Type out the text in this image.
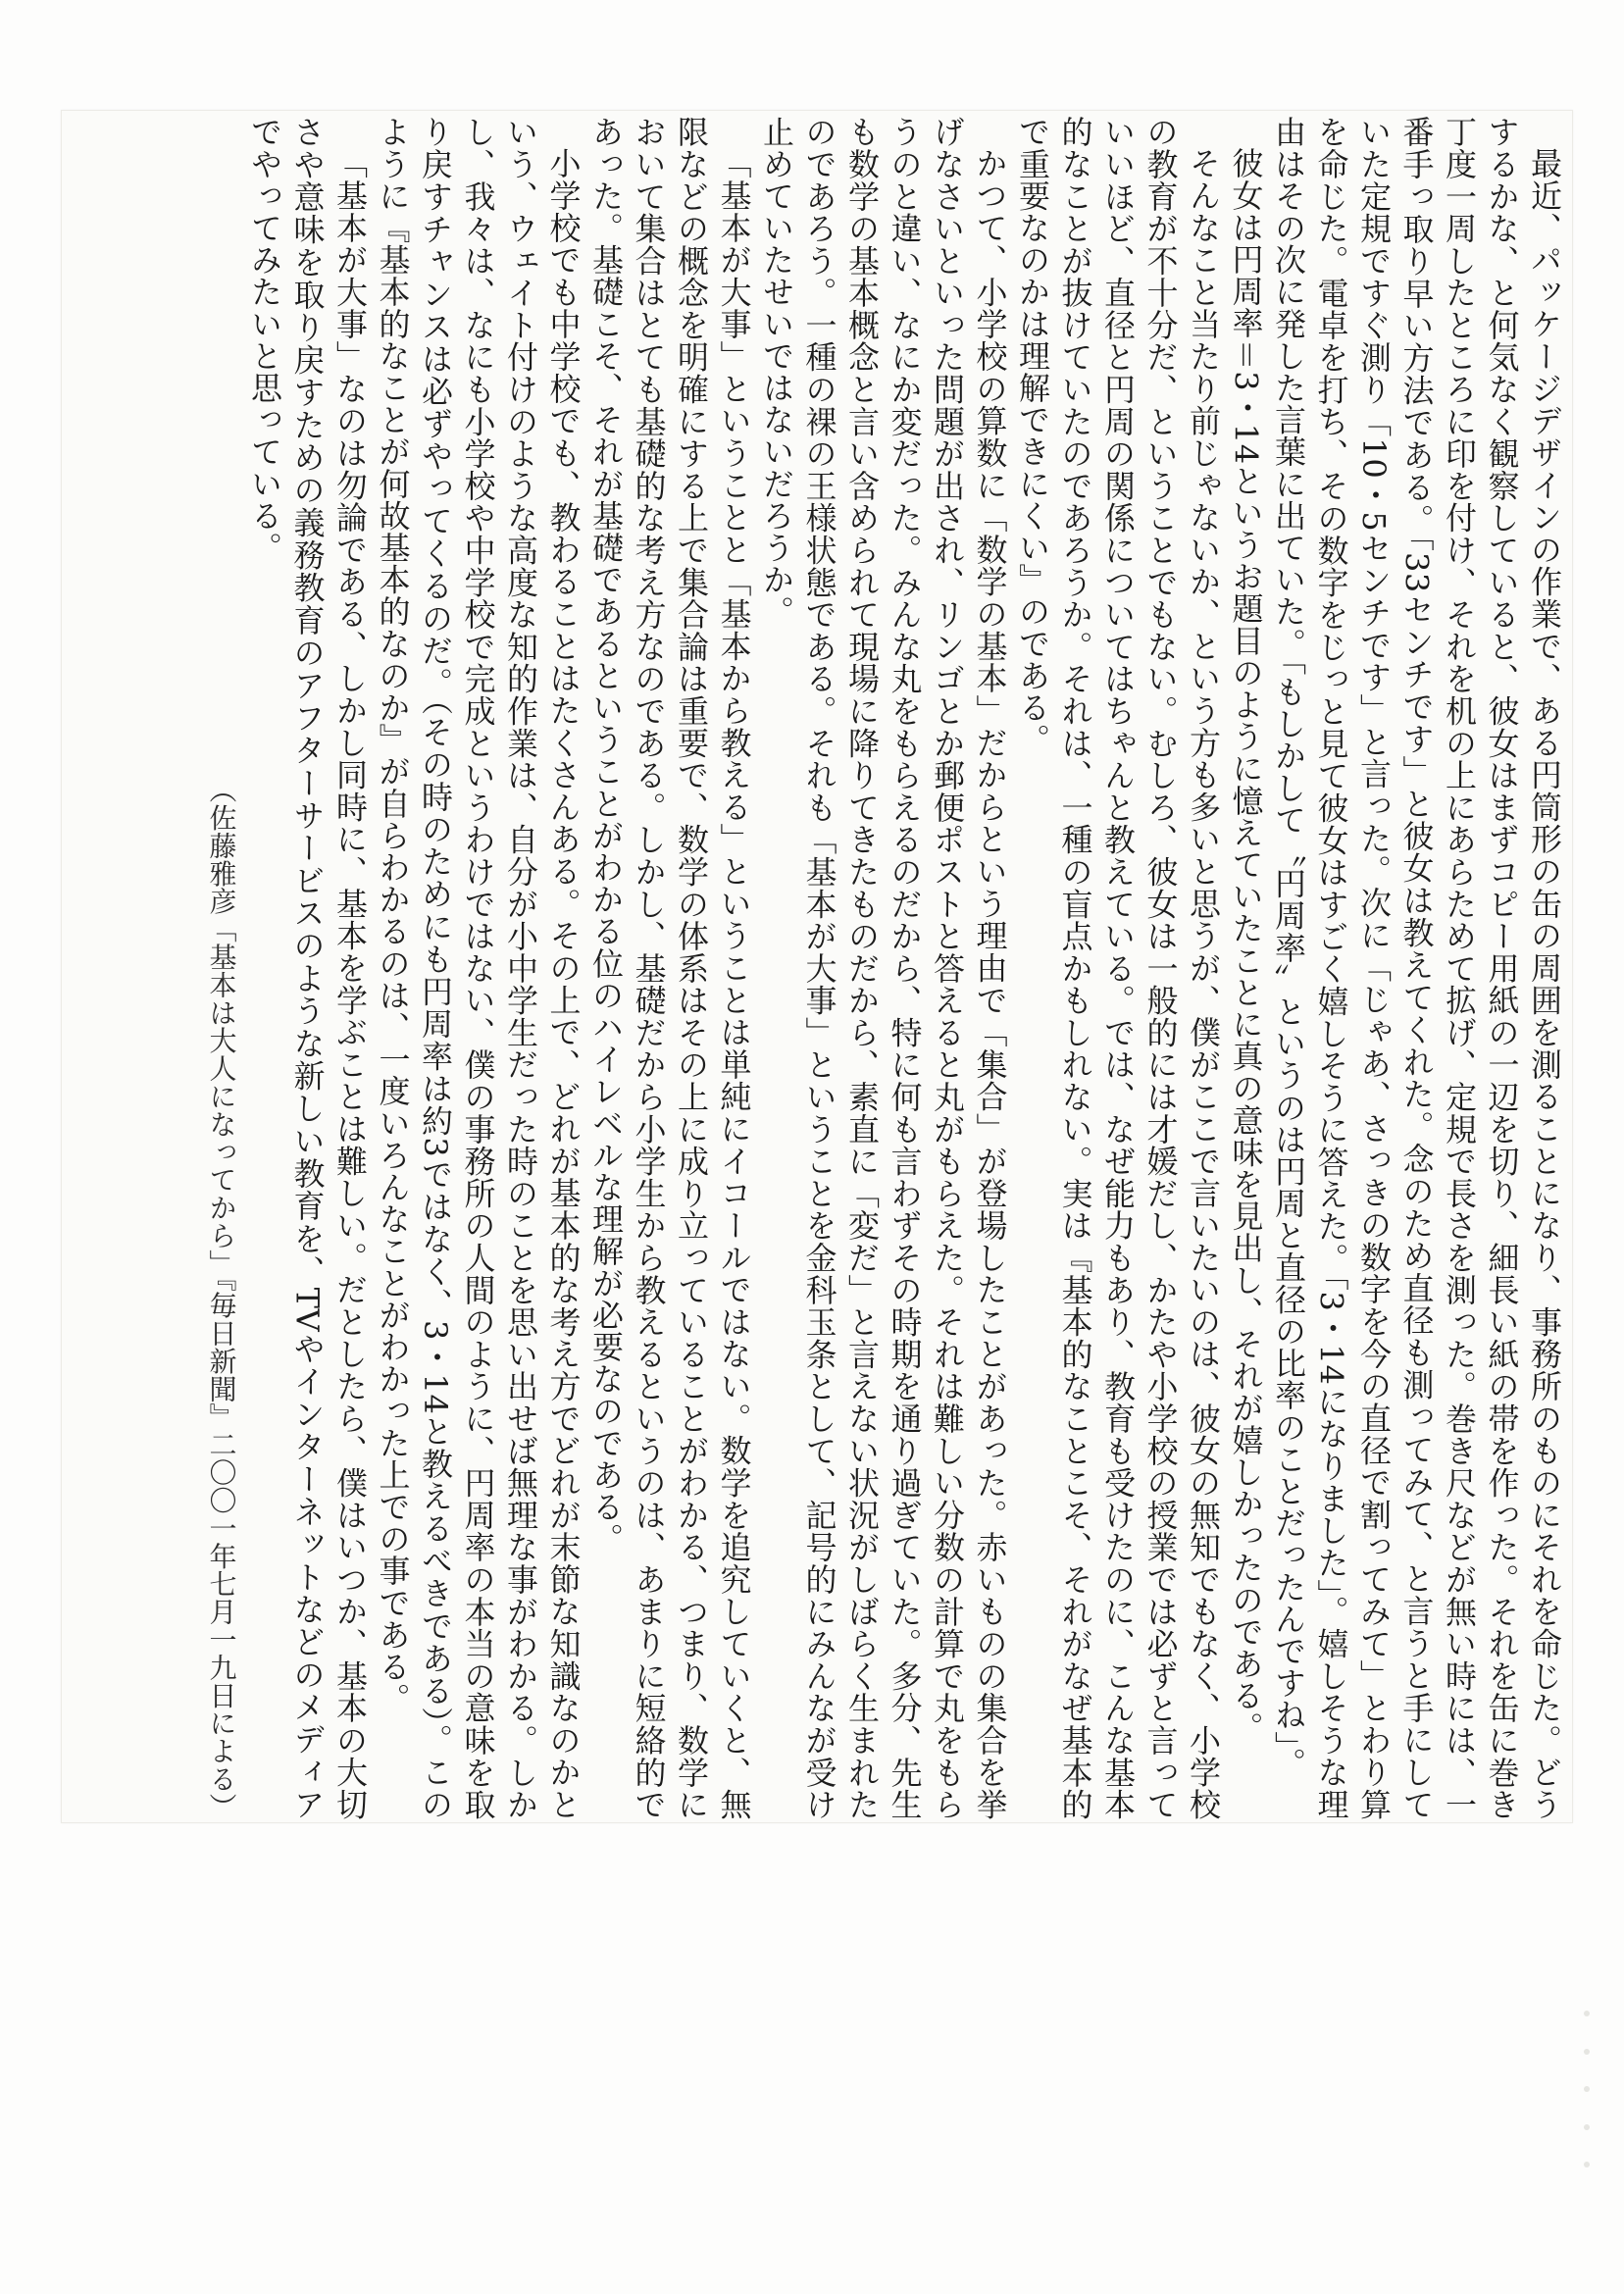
最近、パッケージデザインの作業で、ある円筒形の缶の周囲を測ることになり、事務所のものにそれを命じた。どうするかな、と何気なく観察していると、彼女はまずコピー用紙の一辺を切り、細長い紙の帯を作った。それを缶に巻き丁度一周したところに印を付け、それを机の上にあらためて拡げ、定規で長さを測った。巻き尺などが無い時には、一番手っ取り早い方法である。「33センチです」と彼女は教えてくれた。念のため直径も測ってみて、と言うと手にしていた定規ですぐ測り「10・5センチです」と言った。次に「じゃあ、さっきの数字を今の直径で割ってみて」とわり算を命じた。電卓を打ち、その数字をじっと見て彼女はすごく嬉しそうに答えた。「3・14になりました」。嬉しそうな理由はその次に発した言葉に出ていた。「もしかして〝円周率〟というのは円周と直径の比率のことだったんですね」。

彼女は円周率＝3・14というお題目のように憶えていたことに真の意味を見出し、それが嬉しかったのである。

そんなこと当たり前じゃないか、という方も多いと思うが、僕がここで言いたいのは、彼女の無知でもなく、小学校の教育が不十分だ、ということでもない。むしろ、彼女は一般的には才媛だし、かたや小学校の授業では必ずと言っていいほど、直径と円周の関係についてはちゃんと教えている。では、なぜ能力もあり、教育も受けたのに、こんな基本的なことが抜けていたのであろうか。それは、一種の盲点かもしれない。実は『基本的なことこそ、それがなぜ基本的で重要なのかは理解できにくい』のである。

かつて、小学校の算数に「数学の基本」だからという理由で「集合」が登場したことがあった。赤いものの集合を挙げなさいといった問題が出され、リンゴとか郵便ポストと答えると丸がもらえた。それは難しい分数の計算で丸をもらうのと違い、なにか変だった。みんな丸をもらえるのだから、特に何も言わずその時期を通り過ぎていた。多分、先生も数学の基本概念と言い含められて現場に降りてきたものだから、素直に「変だ」と言えない状況がしばらく生まれたのであろう。一種の裸の王様状態である。それも「基本が大事」ということを金科玉条として、記号的にみんなが受け止めていたせいではないだろうか。

「基本が大事」ということと「基本から教える」ということは単純にイコールではない。数学を追究していくと、無限などの概念を明確にする上で集合論は重要で、数学の体系はその上に成り立っていることがわかる、つまり、数学において集合はとても基礎的な考え方なのである。しかし、基礎だから小学生から教えるというのは、あまりに短絡的であった。基礎こそ、それが基礎であるということがわかる位のハイレベルな理解が必要なのである。

小学校でも中学校でも、教わることはたくさんある。その上で、どれが基本的な考え方でどれが末節な知識なのかという、ウェイト付けのような高度な知的作業は、自分が小中学生だった時のことを思い出せば無理な事がわかる。しかし、我々は、なにも小学校や中学校で完成というわけではない、僕の事務所の人間のように、円周率の本当の意味を取り戻すチャンスは必ずやってくるのだ。（その時のためにも円周率は約3ではなく、3・14と教えるべきである）。このように『基本的なことが何故基本的なのか』が自らわかるのは、一度いろんなことがわかった上での事である。

「基本が大事」なのは勿論である、しかし同時に、基本を学ぶことは難しい。だとしたら、僕はいつか、基本の大切さや意味を取り戻すための義務教育のアフターサービスのような新しい教育を、TVやインターネットなどのメディアでやってみたいと思っている。

（佐藤雅彦「基本は大人になってから」『毎日新聞』二〇〇一年七月一九日による）
